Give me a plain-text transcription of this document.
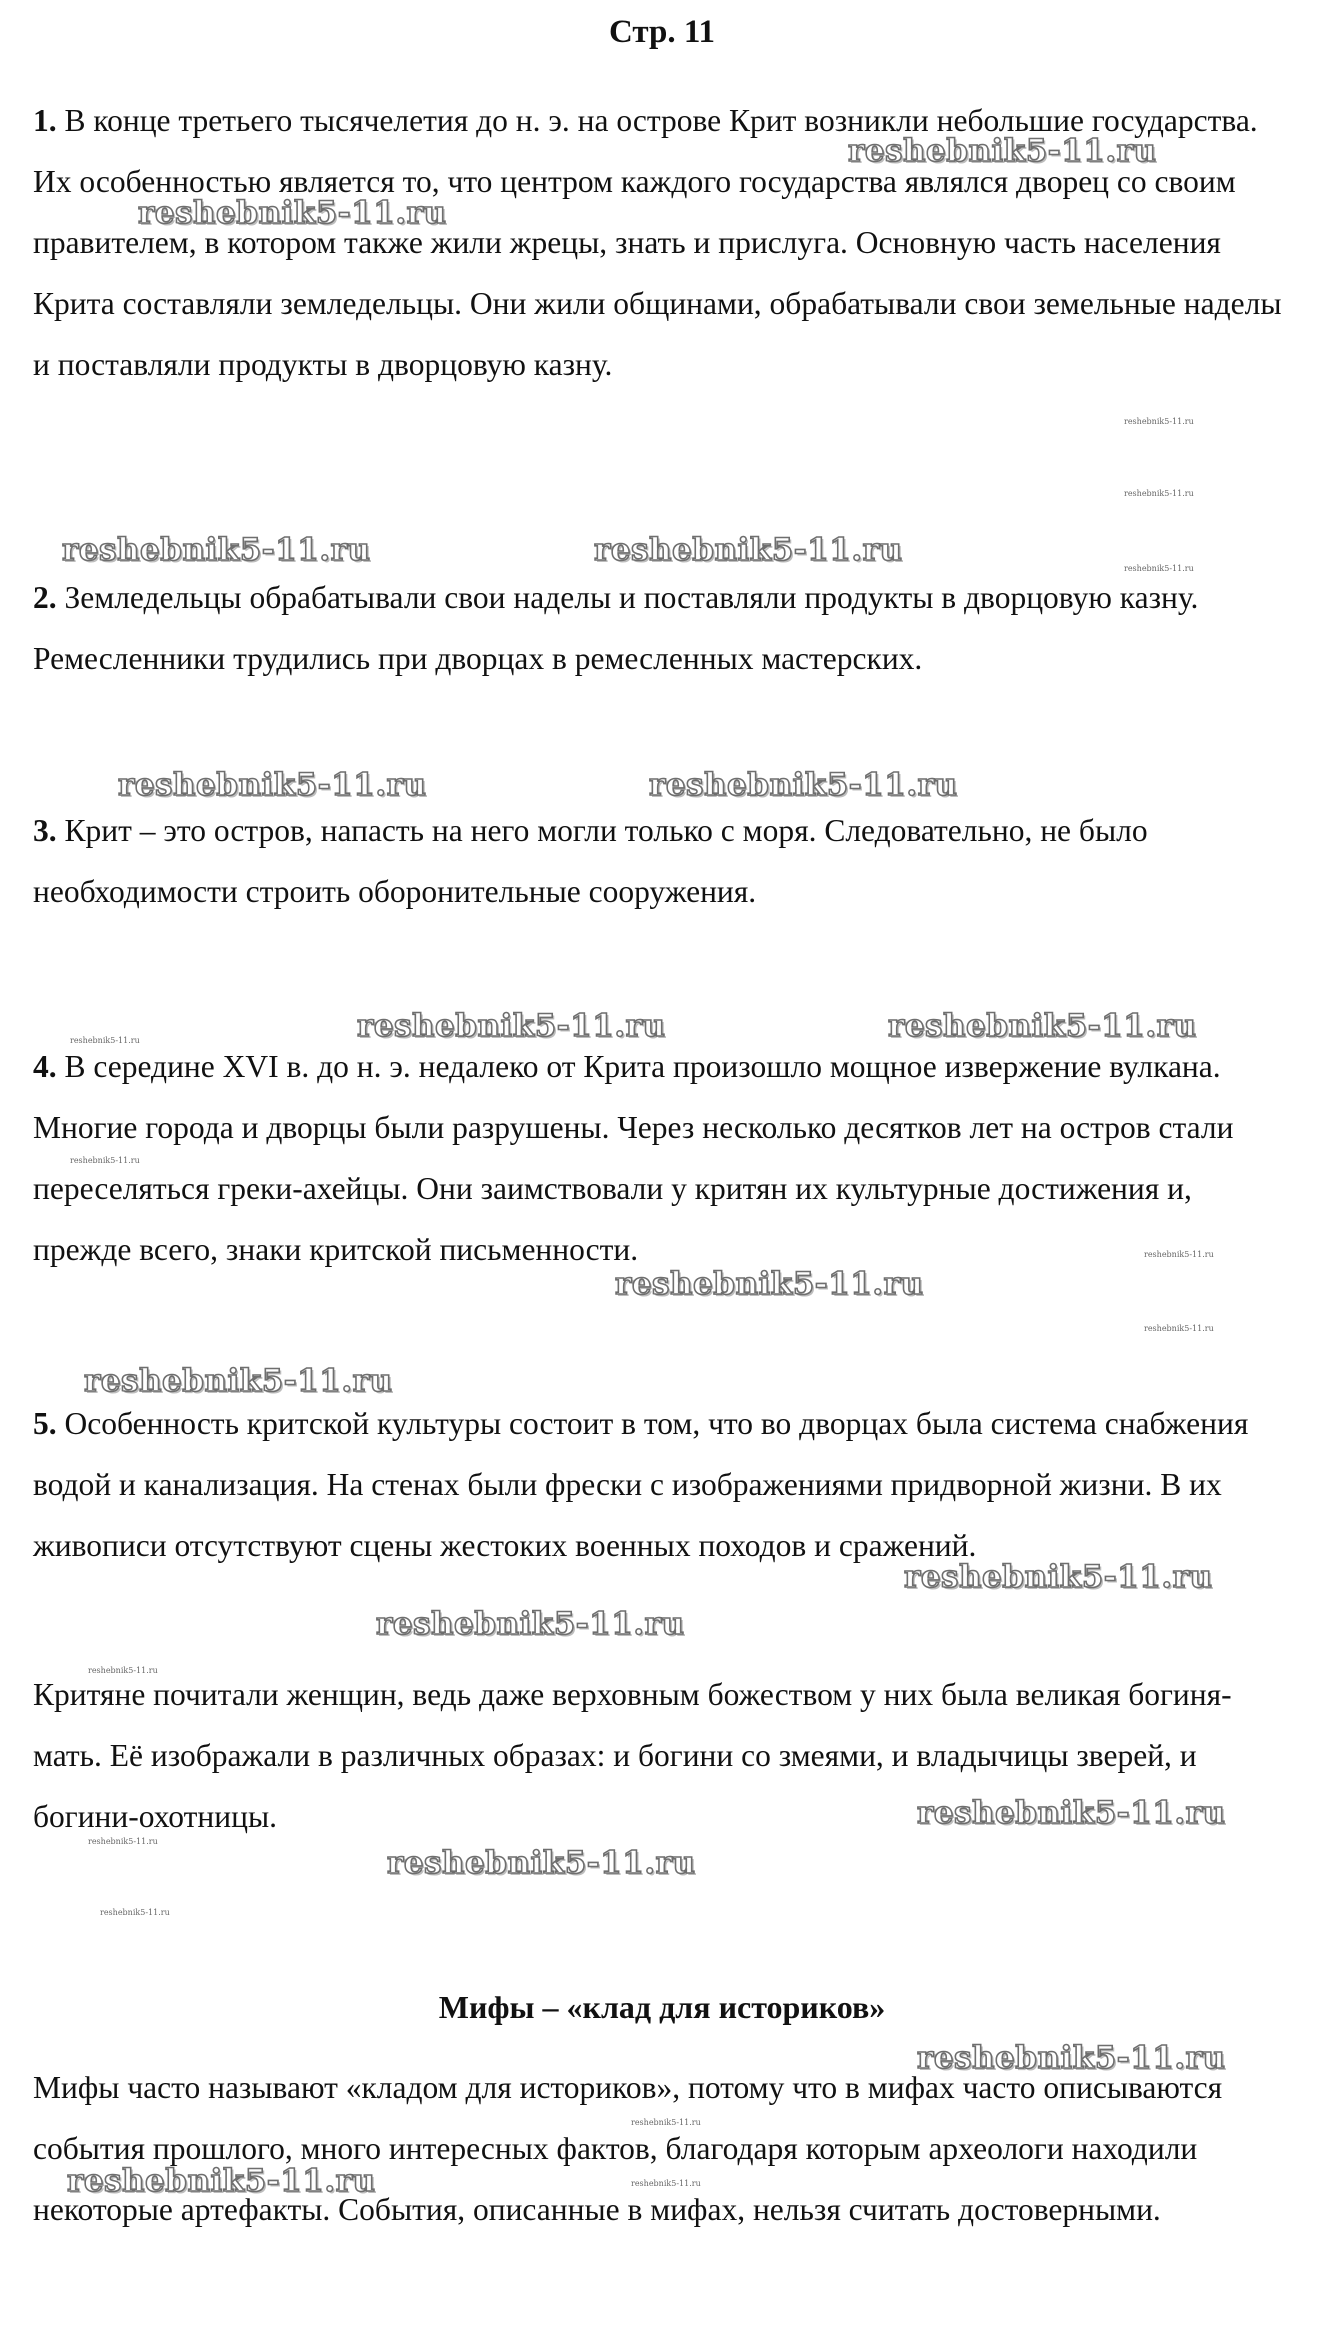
Стр. 11

1. В конце третьего тысячелетия до н. э. на острове Крит возникли небольшие государства. Их особенностью является то, что центром каждого государства являлся дворец со своим правителем, в котором также жили жрецы, знать и прислуга. Основную часть населения Крита составляли земледельцы. Они жили общинами, обрабатывали свои земельные наделы и поставляли продукты в дворцовую казну.

2. Земледельцы обрабатывали свои наделы и поставляли продукты в дворцовую казну. Ремесленники трудились при дворцах в ремесленных мастерских.

3. Крит – это остров, напасть на него могли только с моря. Следовательно, не было необходимости строить оборонительные сооружения.

4. В середине XVI в. до н. э. недалеко от Крита произошло мощное извержение вулкана. Многие города и дворцы были разрушены. Через несколько десятков лет на остров стали переселяться греки-ахейцы. Они заимствовали у критян их культурные достижения и, прежде всего, знаки критской письменности.

5. Особенность критской культуры состоит в том, что во дворцах была система снабжения водой и канализация. На стенах были фрески с изображениями придворной жизни. В их живописи отсутствуют сцены жестоких военных походов и сражений.

Критяне почитали женщин, ведь даже верховным божеством у них была великая богиня-мать. Её изображали в различных образах: и богини со змеями, и владычицы зверей, и богини-охотницы.

Мифы – «клад для историков»

Мифы часто называют «кладом для историков», потому что в мифах часто описываются события прошлого, много интересных фактов, благодаря которым археологи находили некоторые артефакты. События, описанные в мифах, нельзя считать достоверными.

reshebnik5-11.ru
reshebnik5-11.ru
reshebnik5-11.ru	reshebnik5-11.ru
reshebnik5-11.ru	reshebnik5-11.ru
reshebnik5-11.ru	reshebnik5-11.ru
reshebnik5-11.ru
reshebnik5-11.ru
reshebnik5-11.ru
reshebnik5-11.ru
reshebnik5-11.ru
reshebnik5-11.ru
reshebnik5-11.ru
reshebnik5-11.ru
reshebnik5-11.ru
reshebnik5-11.ru
reshebnik5-11.ru
reshebnik5-11.ru
reshebnik5-11.ru
reshebnik5-11.ru
reshebnik5-11.ru
reshebnik5-11.ru
reshebnik5-11.ru
reshebnik5-11.ru
reshebnik5-11.ru
reshebnik5-11.ru
